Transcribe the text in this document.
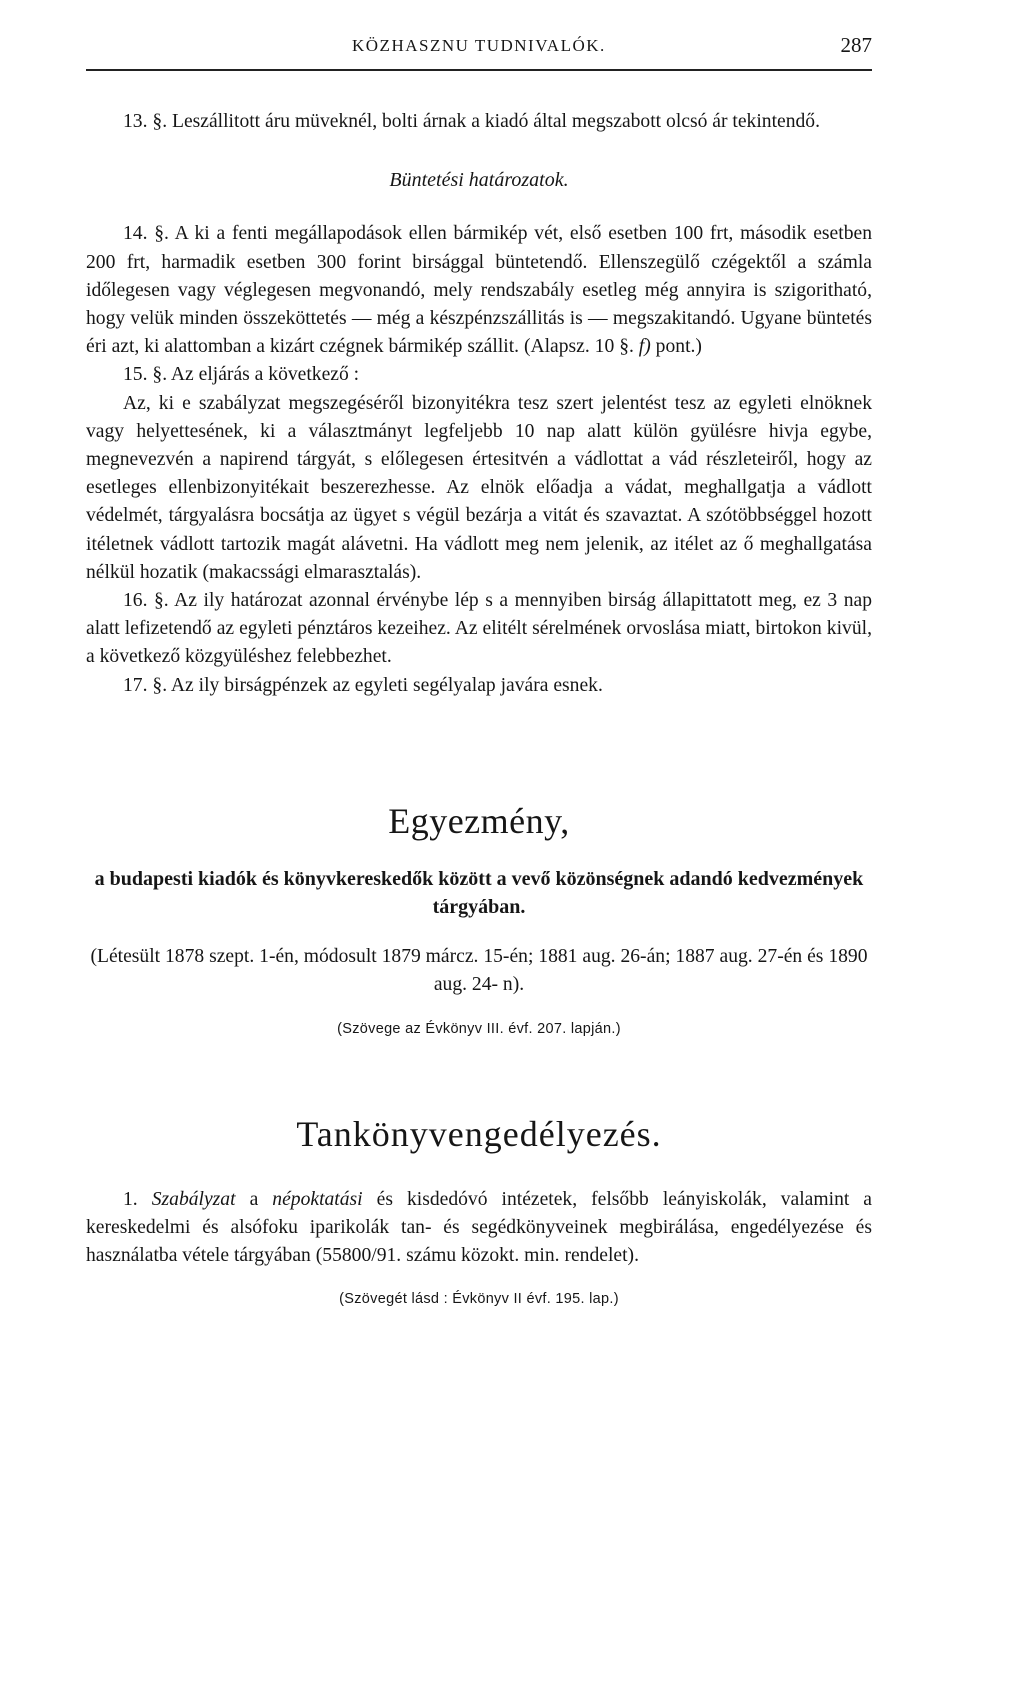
KÖZHASZNU TUDNIVALÓK.	287

13. §. Leszállitott áru müveknél, bolti árnak a kiadó által megszabott olcsó ár tekintendő.

Büntetési határozatok.

14. §. A ki a fenti megállapodások ellen bármikép vét, első esetben 100 frt, második esetben 200 frt, harmadik esetben 300 forint birsággal büntetendő. Ellenszegülő czégektől a számla időlegesen vagy véglegesen megvonandó, mely rendszabály esetleg még annyira is szigoritható, hogy velük minden összeköttetés — még a készpénzszállitás is — megszakitandó. Ugyane büntetés éri azt, ki alattomban a kizárt czégnek bármikép szállit. (Alapsz. 10 §. f) pont.)

15. §. Az eljárás a következő :

Az, ki e szabályzat megszegéséről bizonyitékra tesz szert jelentést tesz az egyleti elnöknek vagy helyettesének, ki a választmányt legfeljebb 10 nap alatt külön gyülésre hivja egybe, megnevezvén a napirend tárgyát, s előlegesen értesitvén a vádlottat a vád részleteiről, hogy az esetleges ellenbizonyitékait beszerezhesse. Az elnök előadja a vádat, meghallgatja a vádlott védelmét, tárgyalásra bocsátja az ügyet s végül bezárja a vitát és szavaztat. A szótöbbséggel hozott itéletnek vádlott tartozik magát alávetni. Ha vádlott meg nem jelenik, az itélet az ő meghallgatása nélkül hozatik (makacssági elmarasztalás).

16. §. Az ily határozat azonnal érvénybe lép s a mennyiben birság állapittatott meg, ez 3 nap alatt lefizetendő az egyleti pénztáros kezeihez. Az elitélt sérelmének orvoslása miatt, birtokon kivül, a következő közgyüléshez felebbezhet.

17. §. Az ily birságpénzek az egyleti segélyalap javára esnek.

Egyezmény,
a budapesti kiadók és könyvkereskedők között a vevő közönségnek adandó kedvezmények tárgyában.
(Létesült 1878 szept. 1-én, módosult 1879 márcz. 15-én; 1881 aug. 26-án; 1887 aug. 27-én és 1890 aug. 24- n).
(Szövege az Évkönyv III. évf. 207. lapján.)
Tankönyvengedélyezés.

1. Szabályzat a népoktatási és kisdedóvó intézetek, felsőbb leányiskolák, valamint a kereskedelmi és alsófoku iparikolák tan- és segédkönyveinek megbirálása, engedélyezése és használatba vétele tárgyában (55800/91. számu közokt. min. rendelet).

(Szövegét lásd : Évkönyv II évf. 195. lap.)
